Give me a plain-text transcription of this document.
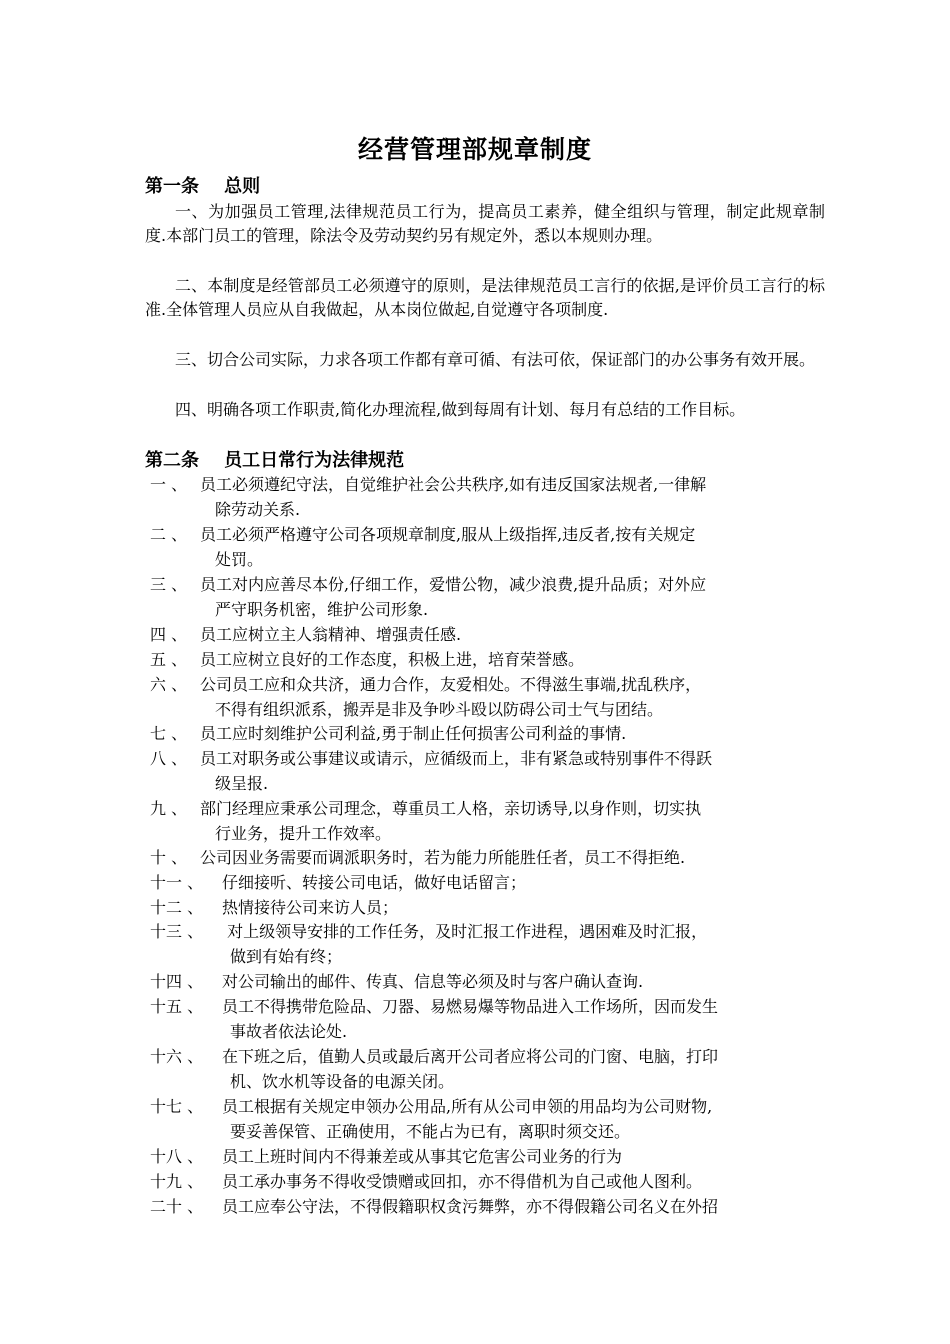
经营管理部规章制度
第一条    总则
一、为加强员工管理,法律规范员工行为，提高员工素养，健全组织与管理，制定此规章制度.本部门员工的管理，除法令及劳动契约另有规定外，悉以本规则办理。
二、本制度是经管部员工必须遵守的原则，是法律规范员工言行的依据,是评价员工言行的标准.全体管理人员应从自我做起，从本岗位做起,自觉遵守各项制度.
三、切合公司实际，力求各项工作都有章可循、有法可依，保证部门的办公事务有效开展。
四、明确各项工作职责,简化办理流程,做到每周有计划、每月有总结的工作目标。
第二条    员工日常行为法律规范
一 、 员工必须遵纪守法，自觉维护社会公共秩序,如有违反国家法规者,一律解
除劳动关系.
二 、 员工必须严格遵守公司各项规章制度,服从上级指挥,违反者,按有关规定
处罚。
三 、 员工对内应善尽本份,仔细工作，爱惜公物，减少浪费,提升品质；对外应
严守职务机密，维护公司形象.
四 、 员工应树立主人翁精神、增强责任感.
五 、 员工应树立良好的工作态度，积极上进，培育荣誉感。
六 、 公司员工应和众共济，通力合作，友爱相处。不得滋生事端,扰乱秩序，
不得有组织派系，搬弄是非及争吵斗殴以防碍公司士气与团结。
七 、 员工应时刻维护公司利益,勇于制止任何损害公司利益的事情.
八 、 员工对职务或公事建议或请示，应循级而上，非有紧急或特别事件不得跃
级呈报.
九 、 部门经理应秉承公司理念，尊重员工人格，亲切诱导,以身作则，切实执
行业务，提升工作效率。
十 、 公司因业务需要而调派职务时，若为能力所能胜任者，员工不得拒绝.
十一 、 仔细接听、转接公司电话，做好电话留言；
十二 、 热情接待公司来访人员；
十三 、 对上级领导安排的工作任务，及时汇报工作进程，遇困难及时汇报，
做到有始有终；
十四 、 对公司输出的邮件、传真、信息等必须及时与客户确认查询.
十五 、 员工不得携带危险品、刀器、易燃易爆等物品进入工作场所，因而发生
事故者依法论处.
十六 、 在下班之后，值勤人员或最后离开公司者应将公司的门窗、电脑，打印
机、饮水机等设备的电源关闭。
十七 、 员工根据有关规定申领办公用品,所有从公司申领的用品均为公司财物,
要妥善保管、正确使用，不能占为已有，离职时须交还。
十八 、 员工上班时间内不得兼差或从事其它危害公司业务的行为
十九 、 员工承办事务不得收受馈赠或回扣，亦不得借机为自己或他人图利。
二十 、 员工应奉公守法，不得假籍职权贪污舞弊，亦不得假籍公司名义在外招
